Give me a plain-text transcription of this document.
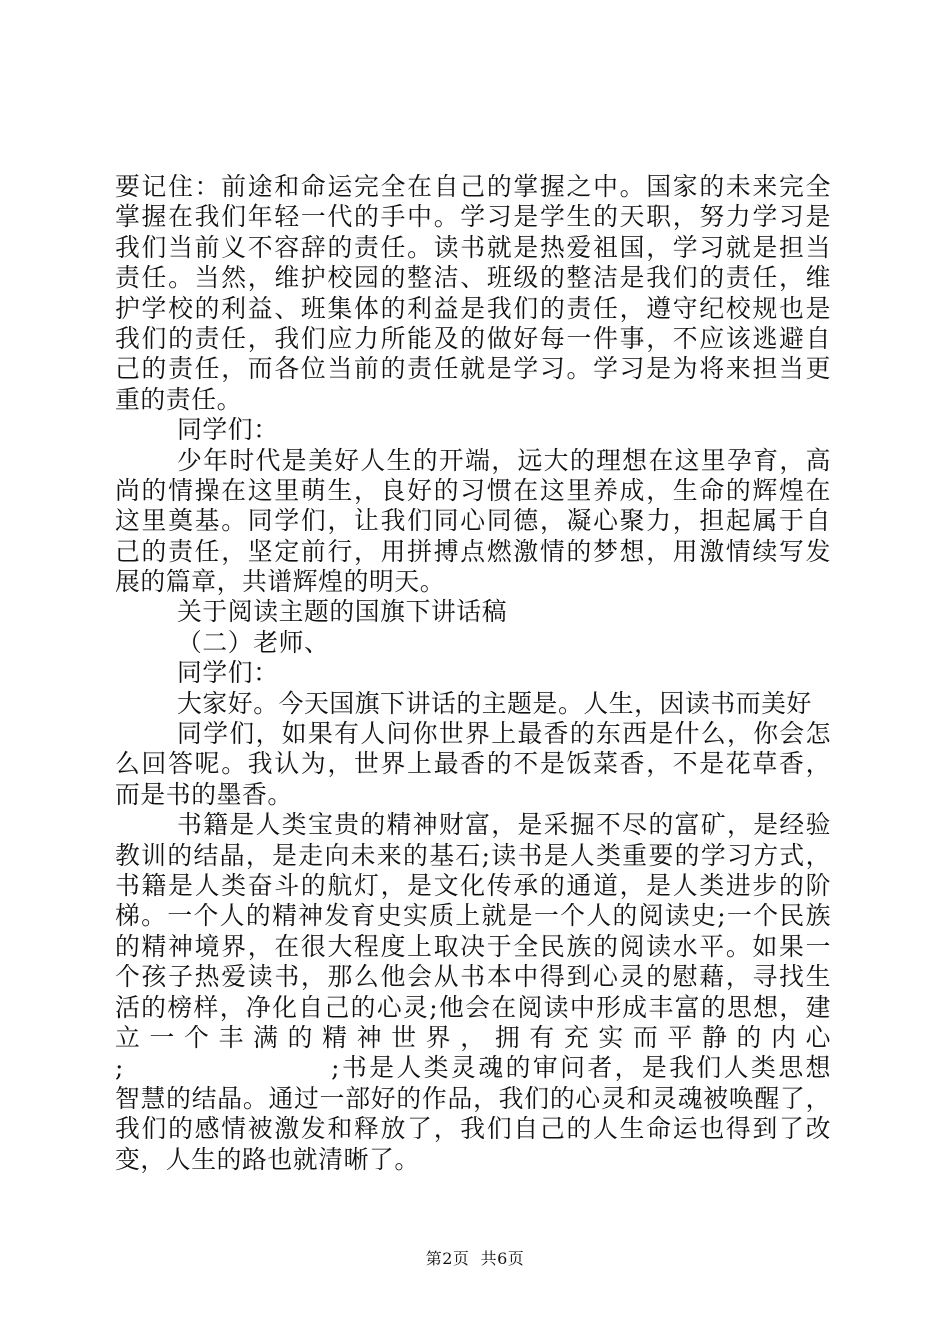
要记住：前途和命运完全在自己的掌握之中。国家的未来完全
掌握在我们年轻一代的手中。学习是学生的天职，努力学习是
我们当前义不容辞的责任。读书就是热爱祖国，学习就是担当
责任。当然，维护校园的整洁、班级的整洁是我们的责任，维
护学校的利益、班集体的利益是我们的责任，遵守纪校规也是
我们的责任，我们应力所能及的做好每一件事，不应该逃避自
己的责任，而各位当前的责任就是学习。学习是为将来担当更
重的责任。
同学们：
少年时代是美好人生的开端，远大的理想在这里孕育，高
尚的情操在这里萌生，良好的习惯在这里养成，生命的辉煌在
这里奠基。同学们，让我们同心同德，凝心聚力，担起属于自
己的责任，坚定前行，用拼搏点燃激情的梦想，用激情续写发
展的篇章，共谱辉煌的明天。
关于阅读主题的国旗下讲话稿
（二）老师、
同学们：
大家好。今天国旗下讲话的主题是。人生，因读书而美好
同学们，如果有人问你世界上最香的东西是什么，你会怎
么回答呢。我认为，世界上最香的不是饭菜香，不是花草香，
而是书的墨香。
书籍是人类宝贵的精神财富，是采掘不尽的富矿，是经验
教训的结晶，是走向未来的基石;读书是人类重要的学习方式，
书籍是人类奋斗的航灯，是文化传承的通道，是人类进步的阶
梯。一个人的精神发育史实质上就是一个人的阅读史;一个民族
的精神境界，在很大程度上取决于全民族的阅读水平。如果一
个孩子热爱读书，那么他会从书本中得到心灵的慰藉，寻找生
活的榜样，净化自己的心灵;他会在阅读中形成丰富的思想，建
立一个丰满的精神世界，拥有充实而平静的内心
;                    ;书是人类灵魂的审问者，是我们人类思想
智慧的结晶。通过一部好的作品，我们的心灵和灵魂被唤醒了，
我们的感情被激发和释放了，我们自己的人生命运也得到了改
变，人生的路也就清晰了。
第2页  共6页
